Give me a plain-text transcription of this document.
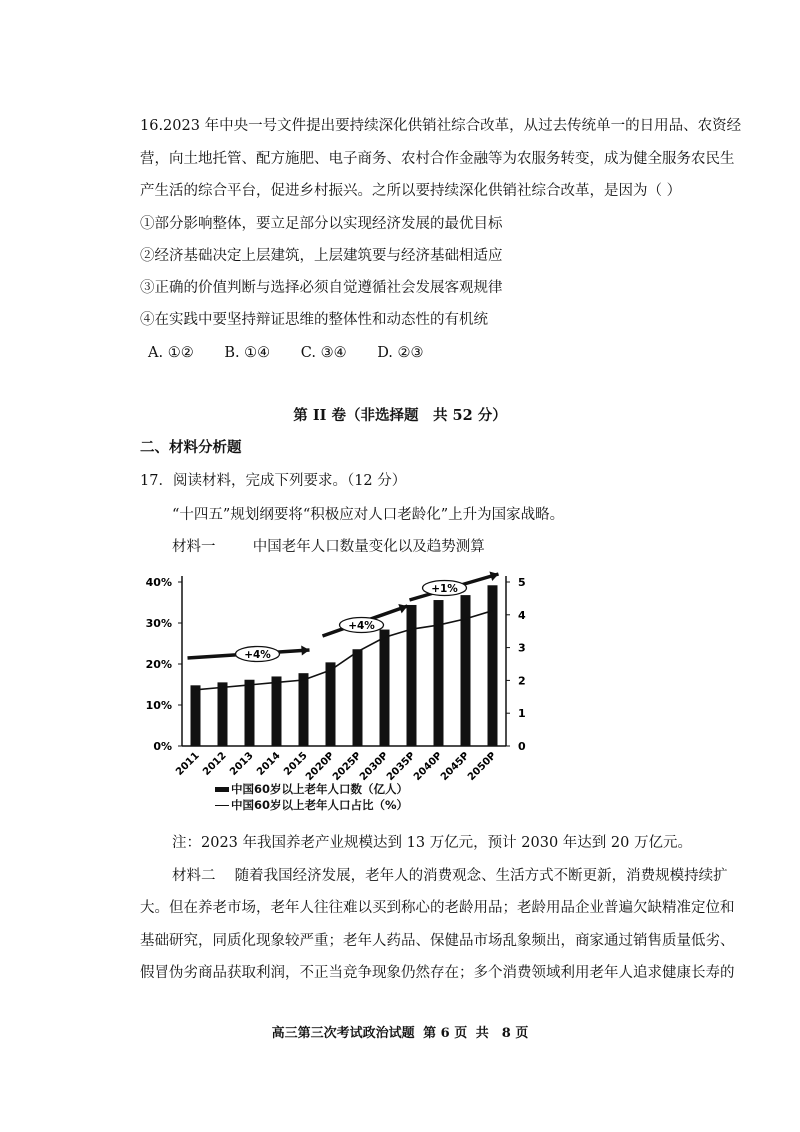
16.2023 年中央一号文件提出要持续深化供销社综合改革，从过去传统单一的日用品、农资经
营，向土地托管、配方施肥、电子商务、农村合作金融等为农服务转变，成为健全服务农民生
产生活的综合平台，促进乡村振兴。之所以要持续深化供销社综合改革，是因为（ ）
①部分影响整体，要立足部分以实现经济发展的最优目标
②经济基础决定上层建筑，上层建筑要与经济基础相适应
③正确的价值判断与选择必须自觉遵循社会发展客观规律
④在实践中要坚持辩证思维的整体性和动态性的有机统
A. ①② B. ①④ C. ③④ D. ②③
第 II 卷（非选择题　共 52 分）
二、材料分析题
17．阅读材料，完成下列要求。（12 分）
“十四五”规划纲要将“积极应对人口老龄化”上升为国家战略。
材料一	中国老年人口数量变化以及趋势测算
0%
10%
20%
30%
40%
0
1
2
3
4
5
2011 2012 2013 2014 2015
2020P
2025P
2030P
2035P
2040P
2045P
2050P
+4%
+4%
+1%
中国60岁以上老年人口数（亿人）
中国60岁以上老年人口占比（%）
注：2023 年我国养老产业规模达到 13 万亿元，预计 2030 年达到 20 万亿元。
材料二　 随着我国经济发展，老年人的消费观念、生活方式不断更新，消费规模持续扩
大。但在养老市场，老年人往往难以买到称心的老龄用品；老龄用品企业普遍欠缺精准定位和
基础研究，同质化现象较严重；老年人药品、保健品市场乱象频出，商家通过销售质量低劣、
假冒伪劣商品获取利润，不正当竞争现象仍然存在；多个消费领域利用老年人追求健康长寿的
高三第三次考试政治试题 第 6 页 共　8 页
